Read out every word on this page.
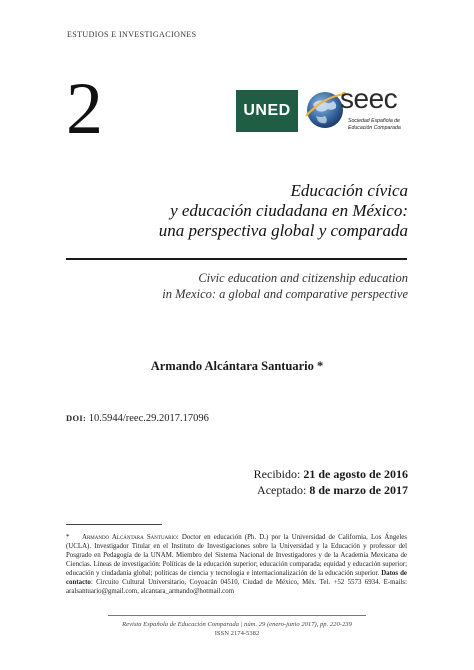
ESTUDIOS E INVESTIGACIONES
2	UNED seec
Sociedad Española de
Educación Comparada
Educación cívica
y educación ciudadana en México:
una perspectiva global y comparada
Civic education and citizenship education
in Mexico: a global and comparative perspective
Armando Alcántara Santuario *
DOI: 10.5944/reec.29.2017.17096
Recibido: 21 de agosto de 2016
Aceptado: 8 de marzo de 2017
* Armando Alcántara Santuario: Doctor en educación (Ph. D.) por la Universidad de California, Los Ángeles (UCLA). Investigador Titular en el Instituto de Investigaciones sobre la Universidad y la Educación y professor del Posgrado en Pedagogía de la UNAM. Miembro del Sistema Nacional de Investigadores y de la Academia Mexicana de Ciencias. Líneas de investigación: Políticas de la educación superior; educación comparada; equidad y educación superior; educación y ciudadanía global; políticas de ciencia y tecnologia e internacionalización de la educación superior. Datos de contacto: Circuito Cultural Universitario, Coyoacán 04510, Ciudad de México, Méx. Tel. +52 5573 6934. E-mails: aralsantuario@gmail.com, alcantara_armando@hotmail.com
Revista Española de Educación Comparada | núm. 29 (enero-junio 2017), pp. 220-239
ISSN 2174-5382
